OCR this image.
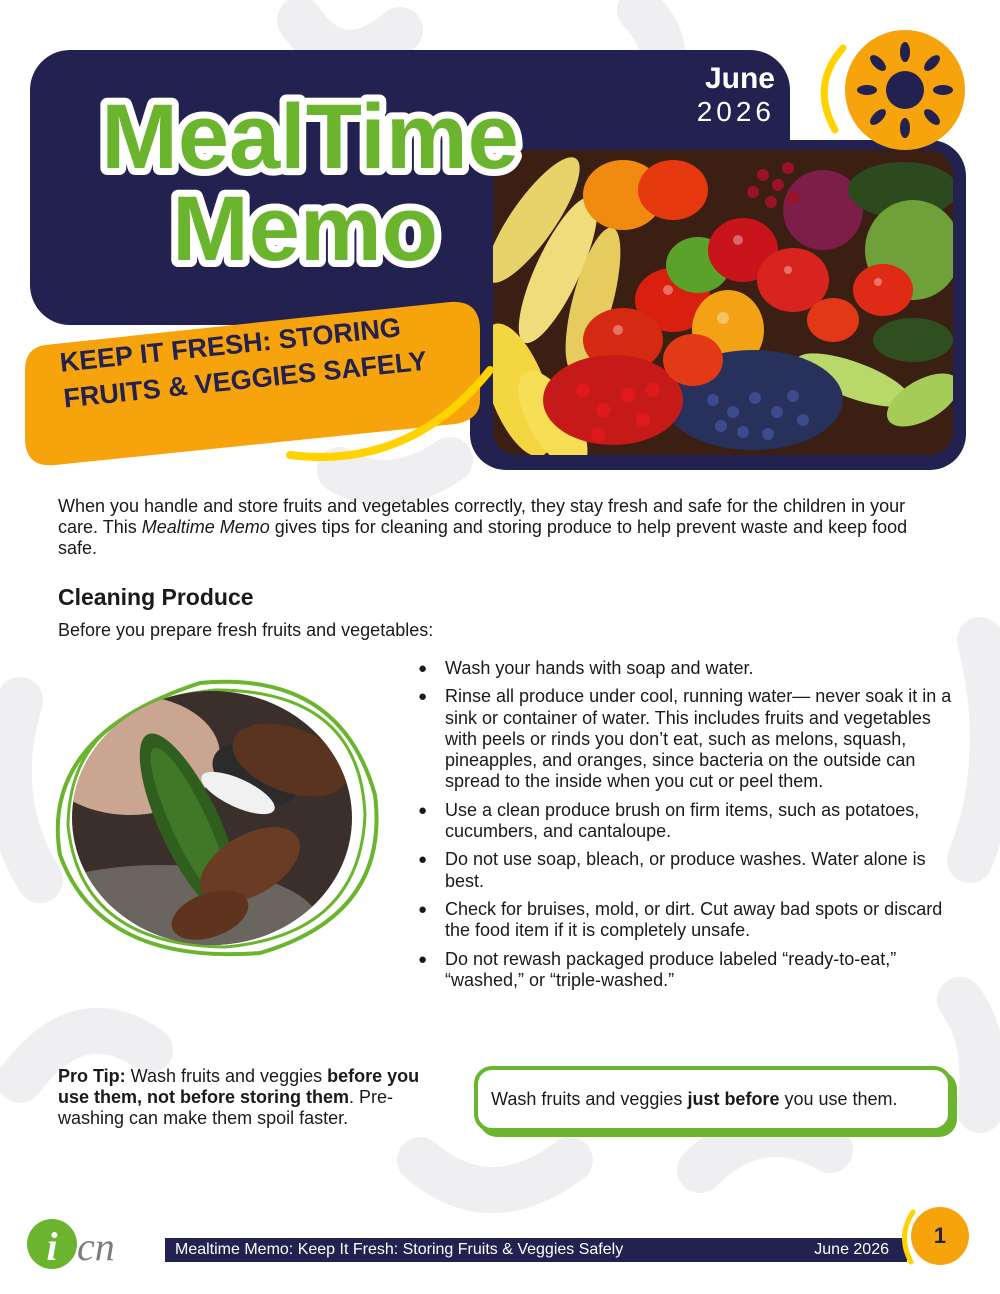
June
2026
MealTime
Memo
KEEP IT FRESH: STORING FRUITS & VEGGIES SAFELY

When you handle and store fruits and vegetables correctly, they stay fresh and safe for the children in your care. This Mealtime Memo gives tips for cleaning and storing produce to help prevent waste and keep food safe.

Cleaning Produce

Before you prepare fresh fruits and vegetables:

● Wash your hands with soap and water.
● Rinse all produce under cool, running water— never soak it in a sink or container of water. This includes fruits and vegetables with peels or rinds you don’t eat, such as melons, squash, pineapples, and oranges, since bacteria on the outside can spread to the inside when you cut or peel them.
● Use a clean produce brush on firm items, such as potatoes, cucumbers, and cantaloupe.
● Do not use soap, bleach, or produce washes. Water alone is best.
● Check for bruises, mold, or dirt. Cut away bad spots or discard the food item if it is completely unsafe.
● Do not rewash packaged produce labeled “ready-to-eat,” “washed,” or “triple-washed.”

Pro Tip: Wash fruits and veggies before you use them, not before storing them. Pre-washing can make them spoil faster.

Wash fruits and veggies just before you use them.

i cn	Mealtime Memo: Keep It Fresh: Storing Fruits & Veggies Safely	June 2026
1
